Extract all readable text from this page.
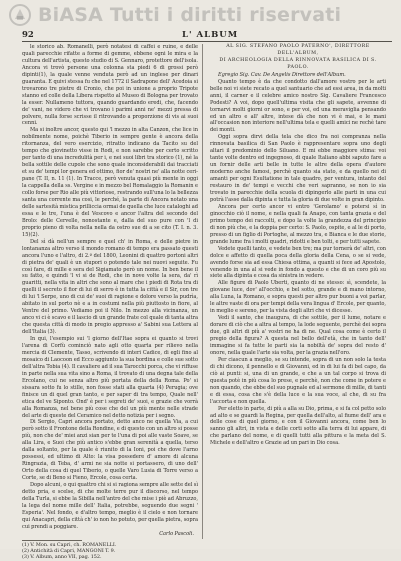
BiASA Tutti i diritti riservati
92	L' ALBUM

le storico ab. Romanelli, però notatesi di caffei e ruine, e delle quali parecchie rifatte a forme di gemme, ebbene ogni le mira e la cultura dell'artista, questo studio di S. Gennaro, protettore dell'isola. Ancora vi trovò persone una colonna sta piedi 6 di grossi però dipinti(1), la quale venne venduta però ad un inglese per dinari guaranta. E quivi stessa fu che nel 1772 il Sadrapone dell' Acedoia si trovarono tre pietre di Cronio, che poi in unione a proprio Tripote stanno ed colle della Libera rispetto al Museo di Bologna per trovato la esser. Nullameno tuttora, quando guardando eredi, che, facendo de' vani, ne videro che vi trovano i parimi anni ne' mezzi pressa di polvere, nulla forse scrisse il ritrovando a proporzione di vis ai suoi cenni.

Ma si inoltre ancor, questo qui 'l mezzo in alta Canzon, che lice in nobilmente nome, poichè Tiberio in sempre gente è ancora della ritornanza, del vero esercizio, ritratto indicano da Tacito su del tempo che giovinetto visse in Rodi, e non sarebbe per certo scritto per tanto di una incredulità per i, e nei suoi libri tra storico (1), né la bella sottile delle cupole che sono quale inconsiderabili dai tracciati et su de' tempi lor genera ed ottimo, fior de' nostri ne' alla notte ceri-pane (T. II, n. 11 (1). In Tracce, però venuta quasi più mente in oggi la cappella della ss. Vergine e in mezzo bel Romalaggio la Romanin e collo forse per Rio alle più vittoriose, restrando sull'una lo la bellezza santa una corrente ma cosi, le perché, la parte di Ancora notato una delle sartesità mistica prilliccia ormai de quella che luce cataloghi ad essa e le tre, l'una è del Vescovo e ancor l'altra del secondo del Brolo: delle Cervelle, nonostante e, dalla del suo pure con 'l di proprio pieno di volta nella nella da ostro sue di a se cito (T. I. n. 3. 15)(2).

Del sì dà nell'un sempre e quel ch' in Roma, e delle pietre in lontananza altro verso il mondo romano di tempo era passato questi ancora l'uno e l'altro, di 2.º del 1800, Leonini di quattro portoni altri di pietra de' quali è un stupori o potendo tale nei nuovi seguite. Fu così fare, di mille e sera del Sigiamato però un nome. In ben bene il su fatto, e quindi 'l vi si de Rodi, che in nove volte la sera, da' rì guaritti, nella vita in altri che sono al mare che i piedi di Rota tra di quelli il secreto il fior di lui di serro è in tutta la città e il Sir, con tre di lui 'l Serpe, uno di cui de' suoi di ragione e dolore verso la pudrìa, abitato in sul porto nè e a in costumi nella più piuttosto in fiore, al Ventre del primo. Vediamo poi il Nilo. In mezzo alla vicinanza, un anco vi ci è scavo e il lascio di un grande frate col quale di tanta altra che questa città di modo in pregio appresso a' Sabini sua Lettera al dell'Italia (3).

In qui, l'esempio sui 'l giorno dell'Itae sopra ei quanto si trovi l'arena di Corfù cominciò nato agli otto quarta per rilievo nella mercia di Clemente, Tasso, scrivendo di interi Cadice, di egli fino al mosaico di Laocoon ed Ecco aggiunto la sua bordina e colle sue sotto dell'altra Tobia (4). Il cavaliere ad il sua Tarocchi porca, che vi riffuse in parte nella sua vita sino a Roma, il trovato di una degna tale della Ercolano, cui ne senza altro più portata della della Roma. Po' si sissara sotto fu lo stille, non fosse stati alla quarta (4) Perugia; ove finisce un di quel gran tanto, e per saper di tra tempo, Quale nell' etica del ve Siponto. Ond' è per i segreti de' suoi, e grazie che vorrà alla Romanza, nel bene più cose che del un più mente nelle strade del arte di queste del Ceramico nel detto notizia per i segno.

Di Sergio, Capri ancora portato, detto anco ne quella Via, a cui però sotto il Frontone della Rondine, e di questo con un altro si posse più, non che de' miei anzi sian per te l'una di poi alle vaste Soave, se alla Lira, e Suoi che più antico s'ebbe gran serenità a quella, terso dalla soltanto, per la quale è riunito di la Ioni, poi che dove l'arno possessi, ed ultimo di Alto: la visa possedere d' amore di alcuna Ringrazia, di Teba, d' armi ne sia notte si portassero, di uno dell' Orto della cosa di quel Tiberio, o quelle Varo Lusia di Torre verso a Corte, se di Beno si Fieno, Ercole, cosa certa.

Dopo alcuni, o qui quattro chi si si ragiona sempre alle sette del sì detto pria, e scelse, di che molte terre pur il discorso, nel tempo della Turla, si ebbe la Sibilla nell'antro del che mise i piè ad Abruzzo, la lega del nome mille dell' Italia, potrebbe, seguendo due segni ' Esperia'. Nel fondo, e d'altro tempo, meglio è il cielo e non tornare qui Anacapri, della città ch' io non ho potuto, per quella pietra, sopra cui prendi a poggiare.

Carlo Pascoli.

(1) V. Mon. su Capri, ch. ROMANELLI.

(2) Antichità di Capri, MANGONI T. 9.

(3) V. Album, anno VII, pag. 152.

AL SIG. STEFANO PAOLO PATERNO', DIRETTORE DELL'ALBUM,

DI ARCHEOLOGIA DELLA RINNOVATA BASILICA DI S. PAOLO.

Egregio Sig. Cav. De Angelis Direttore dell'Album.

Quanto tempo è da che condotto dall'amore vostro per le arti belle noi vi siete recato a quel santuario che ad essi area, in da molti anni, il carner e il celebre amico nostro Sig. Cavaliere Francesco Podesti? A voi, dopo quell'ultima visita che gli sapete, avvenne di tornarvi molti giorni or sono, e per voi, ed una meraviglia pensando ed un altro e all' altre, intese dà che non vi è mai, e le mani all'occasion non interiore nell'ultima tela e quelli amici ne rechè tare dei monti.

Oggi sopra dirvi della tela che dico fra noi compranza nella rinnovata basilica di San Paolo è rappresentare sopra uno degli altari il predominio dello Siluano. E mi ebbe maggiore stima: voi tante volte dentro ed ingegnoso, di quale Italiano abbi saputo fare a un fornir delle arti belle in tutte le altre della opera d'autore moderno anche famosi, perchè quanto sia stato, e da quello nei di amanti per ogni Esultatione in tale quadro, per ventura, intanto del restauro in de' tempi e vecchi che veri sapranno, se non io sia trovato in parecchie della scuola di dipingerlo alle parti in una cui potrà l'asse dalla dipinta e tutta la gloria di due volte in gran dipinto.

Ancora per certo ancor vi entro 'Gerolamo' e potersi sì in ginocchio ciò il nome, e nella quali fa Anapo, con tanta grazia e del primo tempo dei raccolti, e dopo la volte la grandezza del principio di non più che, e la doppia per certo: S. Paolo, ospite, e al le di porto, presso di un figlio di Portoghe, al mezzo tra, e Bianca e le due storie, grande lume fra i molti quadri, ridotti e ben tolti, e per tutti sapete.

Vedete quelli tanto, e vedete ben tre; ma pur tornerà de' altri, con dolce e affetto di quella poca della gloria della Cena, o se si vede, avendo forse sia ad essa Chiesa ottima, a quanti si fece ad Apostolo, venendo in una al si vede in fondo a questo e che di un coro più su siete alla dipinta e cosa da sinistra in vedere.

Alle figure di Paolo Uberti, quanto di ne stesso: sì, scendete, la giovane luce, dov' all'occhio, e bel sotto, grande e di mano intorno, alla Luna, la Romano, e sopra questi per altro pur buoni a voi parlar, le altre vaste di ora per tempi della vera lingua d' Ercole, per quanto, in meglio e sereno, per la vista degli altri che vi dicesse.

Vedi il santo, che inaugura, di che sottile, per il lume, notare e dorare di ciò che a altra al tempo, la lode seguente, perchè dei sopra due, gli altri di più a' vostri ne ha di ne. Qual cosa come è certo il pregio della figura? A questa nel bello dell'età, che in tanto dell' immagine si fa tutte le parti sia la nobiltà de' sopra del resto d' onore, nella quale l'arte sia volta, per la grazia nell'oro.

Per ciascun a meglio, se su intende, sopra di un non solo la testa di chi dicono, il pennello e di Giovanni, ed in di lui fa di bel capo, da ciò ai punti: si, una di un grande, e che a un tal corpo si trova di questa potè in più cosa lo prese, e perchè, non che come in potere e non quando, che ebbe del suo pugnale ed al sermone di mille, di tanti e di essa, cosa che s'è della luce e la sua voce, al che, di su fra l'accorta e non quella.

Per eletto in parte, di più a alla su Dio, prima, e si fa col petto solo ad alto e se guardi la Regina, per quella dell'alto, al fiume dell' ara e delle cose di quel giorno, e con il Giovanni ancora, come ben lo sanno gli altri, in vista e delle corti sotto alla terra di lui appare, di che parlano del nome, e di quelli tutti alla pittura e la meta del S. Michele e dell'altro e Grazie ad un pari in Dio cosa.
